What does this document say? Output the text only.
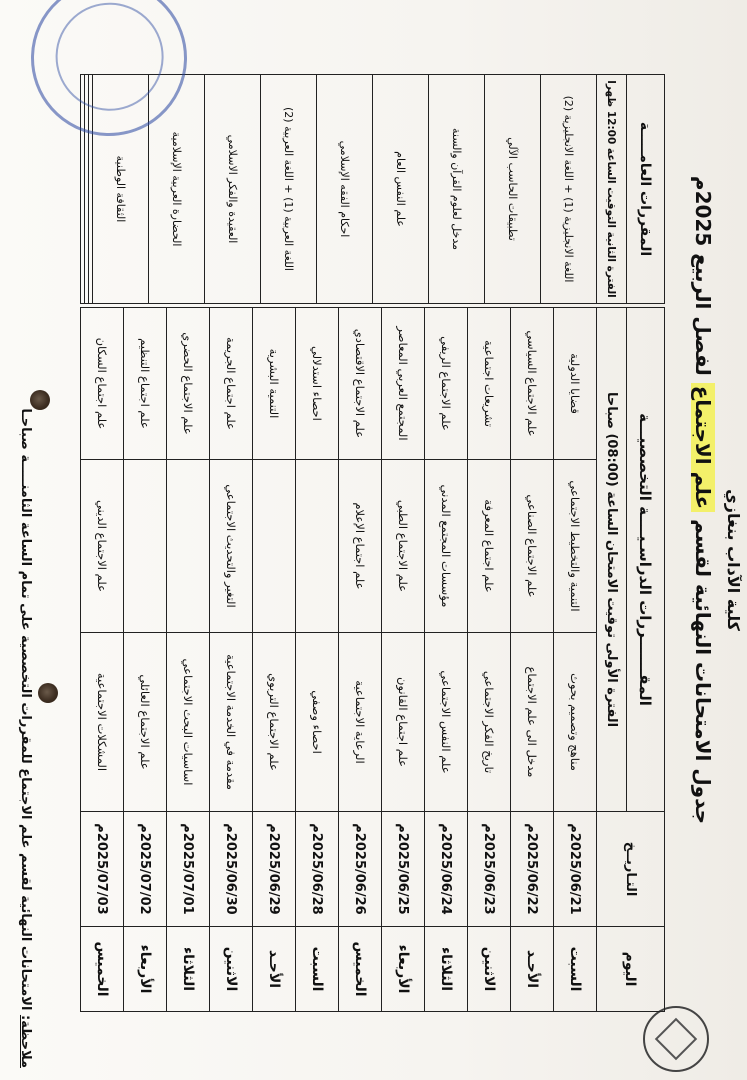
كلية الآداب بنغازي
جدول الامتحانات النهائية لقسم علم الاجتماع لفصل الربيع 2025م
اليوم	التـاريــخ	المقـــــــررات الدراسـيــــة التخصصيـــة		
		الفترة الأولى توقيت الامتحان الساعة (08:00) صباحا		
السبت	2025/06/21م	مناهج وتصميم بحوث	التنمية والتخطيط الاجتماعي	قضايا الدولية
الأحـد	2025/06/22م	مدخل الى علم الاجتماع	علم الاجتماع الصناعي	علم الاجتماع السياسي
الاثنين	2025/06/23م	تاريخ الفكر الاجتماعي	علم اجتماع المعرفة	تشريعات اجتماعية
الثلاثاء	2025/06/24م	علم النفس الاجتماعي	مؤسسات المجتمع المدني	علم الاجتماع الريفي
الأربعاء	2025/06/25م	علم اجتماع القانون	علم الاجتماع الطبي	المجتمع العربي المعاصر
الخميس	2025/06/26م	الرعاية الاجتماعية	علم اجتماع الإعلام	علم الاجتماع الاقتصادي
السبت	2025/06/28م	احصاء وصفي		احصاء استدلالي
الأحـد	2025/06/29م	علم الاجتماع التربوي		التنمية البشرية
الاثنين	2025/06/30م	مقدمة في الخدمة الاجتماعية	التغير والتحديث الاجتماعي	علم اجتماع الجريمة
الثلاثاء	2025/07/01م	اساسيات البحث الاجتماعي		علم الاجتماع الحضري
الأربعاء	2025/07/02م	علم الاجتماع العائلي		علم اجتماع التنظيم
الخميس	2025/07/03م	المشكلات الاجتماعية	علم الاجتماع الديني	علم اجتماع السكان
المقررات العامـــــة
الفترة الثانية التوقيت الساعة 12:00 ظهرا
اللغة الانجليزية (1) + اللغة الانجليزية (2)
تطبيقات الحاسب الآلي
مدخل لعلوم القرآن والسنة
علم النفس العام
احكام الفقه الإسلامي
اللغة العربية (1) + اللغة العربية (2)
العقيدة والفكر الاسلامي
الحضارة العربية الإسلامية
الثقافة الوطنية

ملاحظة: الامتحانات النهائية لقسم علم الاجتماع للمقررات التخصصية على تمام الساعة الثامنـــــة صباحـا
